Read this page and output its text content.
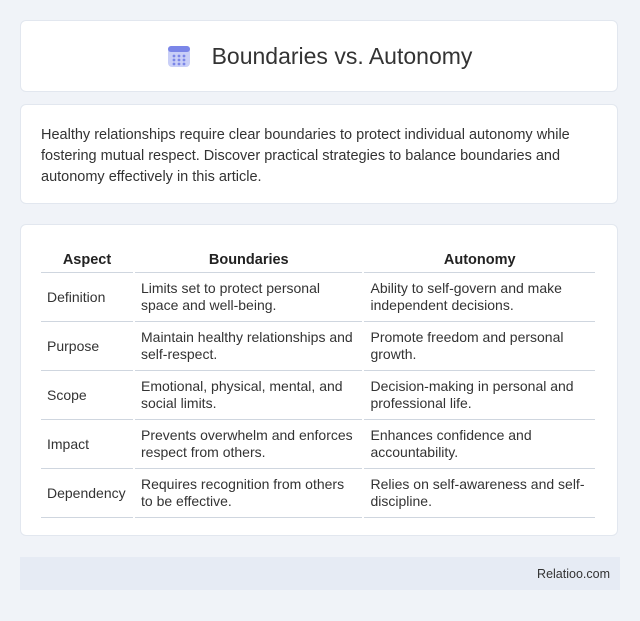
Boundaries vs. Autonomy

Healthy relationships require clear boundaries to protect individual autonomy while fostering mutual respect. Discover practical strategies to balance boundaries and autonomy effectively in this article.

Aspect	Boundaries	Autonomy
Definition	Limits set to protect personal space and well-being.	Ability to self-govern and make independent decisions.
Purpose	Maintain healthy relationships and self-respect.	Promote freedom and personal growth.
Scope	Emotional, physical, mental, and social limits.	Decision-making in personal and professional life.
Impact	Prevents overwhelm and enforces respect from others.	Enhances confidence and accountability.
Dependency	Requires recognition from others to be effective.	Relies on self-awareness and self-discipline.
Relatioo.com
